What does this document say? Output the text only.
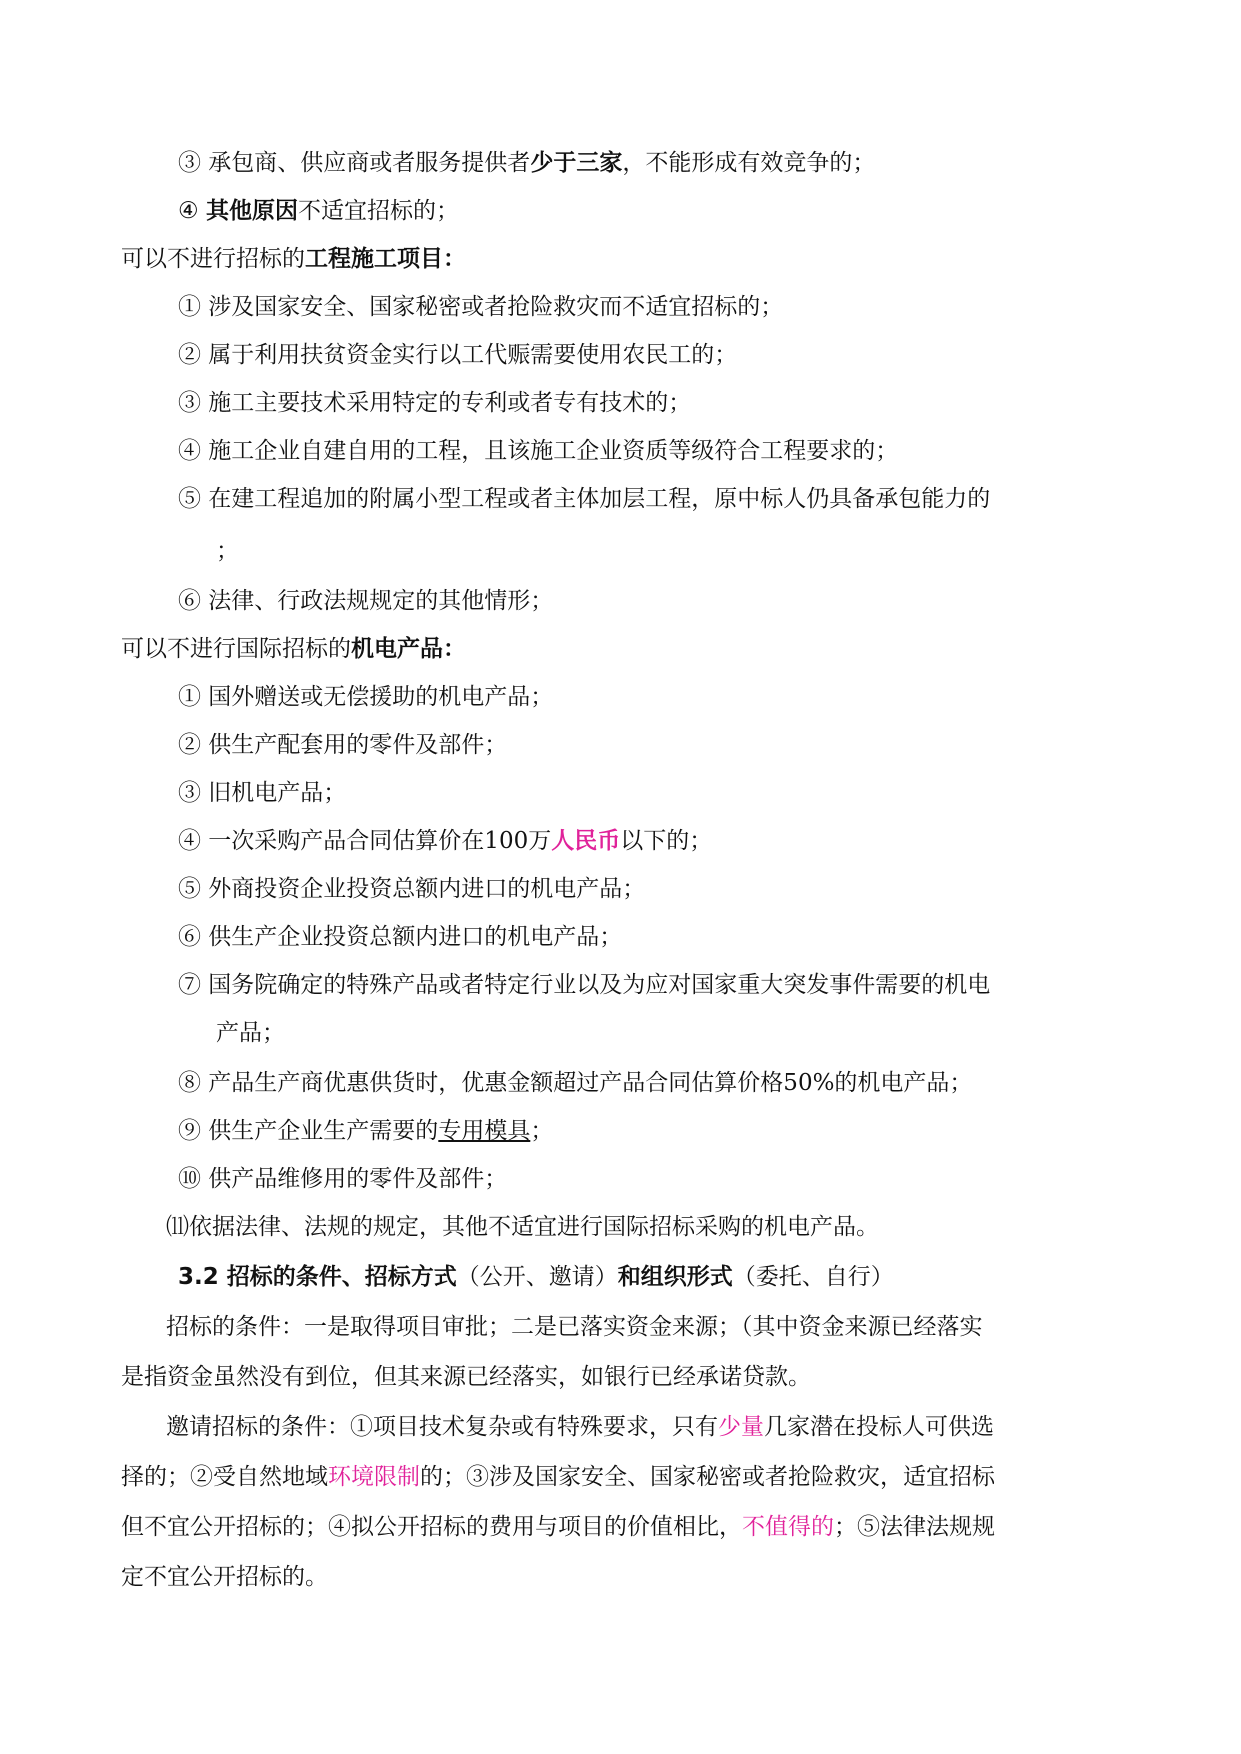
③ 承包商、供应商或者服务提供者少于三家，不能形成有效竞争的；
④ 其他原因不适宜招标的；
可以不进行招标的工程施工项目：
① 涉及国家安全、国家秘密或者抢险救灾而不适宜招标的；
② 属于利用扶贫资金实行以工代赈需要使用农民工的；
③ 施工主要技术采用特定的专利或者专有技术的；
④ 施工企业自建自用的工程，且该施工企业资质等级符合工程要求的；
⑤ 在建工程追加的附属小型工程或者主体加层工程，原中标人仍具备承包能力的
；
⑥ 法律、行政法规规定的其他情形；
可以不进行国际招标的机电产品：
① 国外赠送或无偿援助的机电产品；
② 供生产配套用的零件及部件；
③ 旧机电产品；
④ 一次采购产品合同估算价在100万人民币以下的；
⑤ 外商投资企业投资总额内进口的机电产品；
⑥ 供生产企业投资总额内进口的机电产品；
⑦ 国务院确定的特殊产品或者特定行业以及为应对国家重大突发事件需要的机电
产品；
⑧ 产品生产商优惠供货时，优惠金额超过产品合同估算价格50%的机电产品；
⑨ 供生产企业生产需要的专用模具；
⑩ 供产品维修用的零件及部件；
⑾依据法律、法规的规定，其他不适宜进行国际招标采购的机电产品。
3.2 招标的条件、招标方式（公开、邀请）和组织形式（委托、自行）
招标的条件：一是取得项目审批；二是已落实资金来源；（其中资金来源已经落实
是指资金虽然没有到位，但其来源已经落实，如银行已经承诺贷款。
邀请招标的条件：①项目技术复杂或有特殊要求，只有少量几家潜在投标人可供选
择的；②受自然地域环境限制的；③涉及国家安全、国家秘密或者抢险救灾，适宜招标
但不宜公开招标的；④拟公开招标的费用与项目的价值相比，不值得的；⑤法律法规规
定不宜公开招标的。
